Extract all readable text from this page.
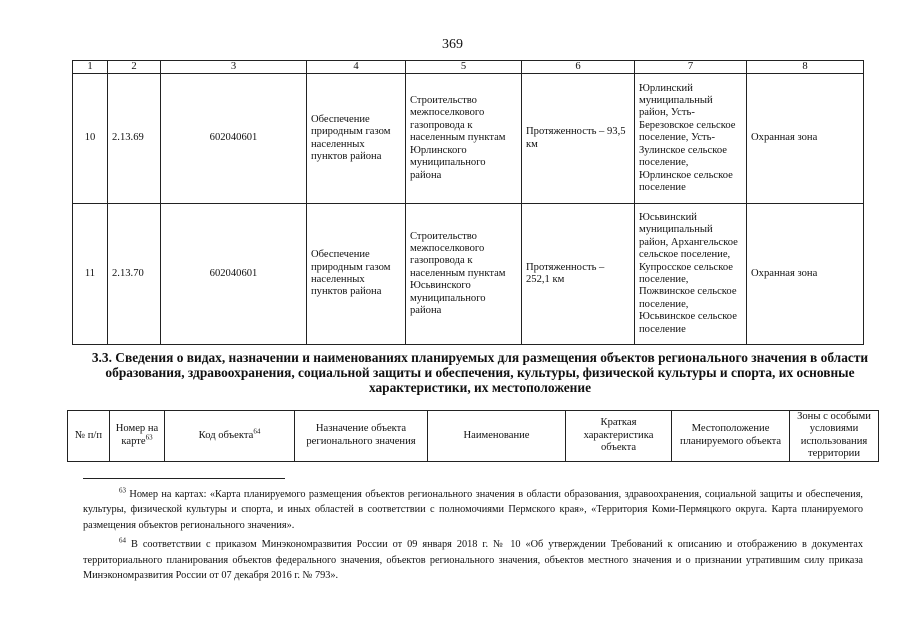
369
1	2	3	4	5	6	7	8
10	2.13.69	602040601	Обеспечение природным газом населенных пунктов района	Строительство межпоселкового газопровода к населенным пунктам Юрлинского муниципального района	Протяженность – 93,5 км	Юрлинский муниципальный район, Усть-Березовское сельское поселение, Усть-Зулинское сельское поселение, Юрлинское сельское поселение	Охранная зона
11	2.13.70	602040601	Обеспечение природным газом населенных пунктов района	Строительство межпоселкового газопровода к населенным пунктам Юсьвинского муниципального района	Протяженность – 252,1 км	Юсьвинский муниципальный район, Архангельское сельское поселение, Купросское сельское поселение, Пожвинское сельское поселение, Юсьвинское сельское поселение	Охранная зона
3.3. Сведения о видах, назначении и наименованиях планируемых для размещения объектов регионального значения в области образования, здравоохранения, социальной защиты и обеспечения, культуры, физической культуры и спорта, их основные характеристики, их местоположение
№ п/п	Номер на карте$^{63}$	Код объекта$^{64}$	Назначение объекта регионального значения	Наименование	Краткая характеристика объекта	Местоположение планируемого объекта	Зоны с особыми условиями использования территории

$^{63}$ Номер на картах: «Карта планируемого размещения объектов регионального значения в области образования, здравоохранения, социальной защиты и обеспечения, культуры, физической культуры и спорта, и иных областей в соответствии с полномочиями Пермского края», «Территория Коми-Пермяцкого округа. Карта планируемого размещения объектов регионального значения».

$^{64}$ В соответствии с приказом Минэкономразвития России от 09 января 2018 г. № 10 «Об утверждении Требований к описанию и отображению в документах территориального планирования объектов федерального значения, объектов регионального значения, объектов местного значения и о признании утратившим силу приказа Минэкономразвития России от 07 декабря 2016 г. № 793».
